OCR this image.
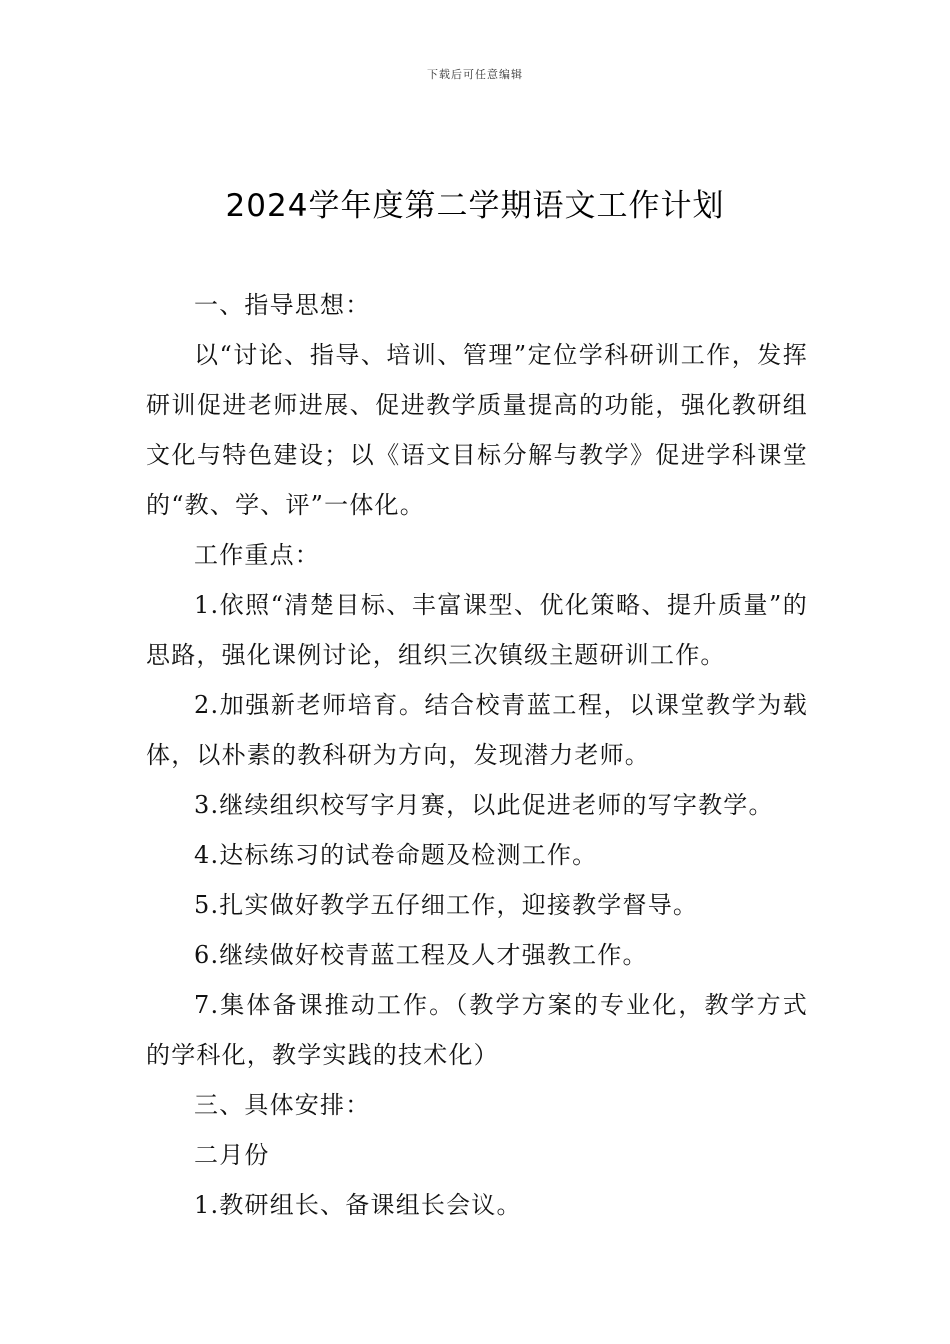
下载后可任意编辑
2024学年度第二学期语文工作计划

一、指导思想：

以“讨论、指导、培训、管理”定位学科研训工作，发挥研训促进老师进展、促进教学质量提高的功能，强化教研组文化与特色建设；以《语文目标分解与教学》促进学科课堂的“教、学、评”一体化。

工作重点：

1.依照“清楚目标、丰富课型、优化策略、提升质量”的思路，强化课例讨论，组织三次镇级主题研训工作。

2.加强新老师培育。结合校青蓝工程，以课堂教学为载体，以朴素的教科研为方向，发现潜力老师。

3.继续组织校写字月赛，以此促进老师的写字教学。

4.达标练习的试卷命题及检测工作。

5.扎实做好教学五仔细工作，迎接教学督导。

6.继续做好校青蓝工程及人才强教工作。

7.集体备课推动工作。（教学方案的专业化，教学方式的学科化，教学实践的技术化）

三、具体安排：

二月份

1.教研组长、备课组长会议。
